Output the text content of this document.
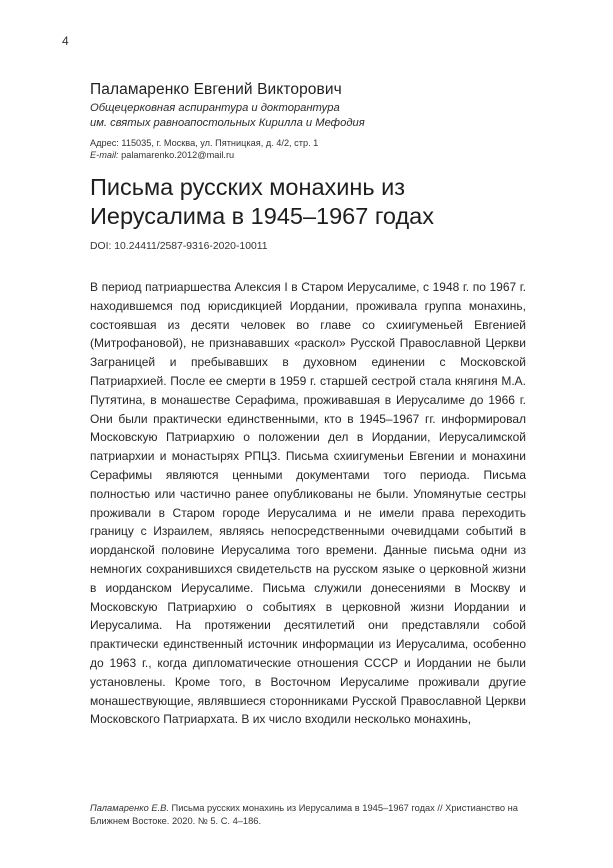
4
Паламаренко Евгений Викторович
Общецерковная аспирантура и докторантура
им. святых равноапостольных Кирилла и Мефодия
Адрес: 115035, г. Москва, ул. Пятницкая, д. 4/2, стр. 1
E-mail: palamarenko.2012@mail.ru
Письма русских монахинь из Иерусалима в 1945–1967 годах
DOI: 10.24411/2587-9316-2020-10011

В период патриаршества Алексия I в Старом Иерусалиме, с 1948 г. по 1967 г. находившемся под юрисдикцией Иордании, проживала группа монахинь, состоявшая из десяти человек во главе со схиигуменьей Евгенией (Митрофановой), не признававших «раскол» Русской Православной Церкви Заграницей и пребывавших в духовном единении с Московской Патриархией. После ее смерти в 1959 г. старшей сестрой стала княгиня М.А. Путятина, в монашестве Серафима, проживавшая в Иерусалиме до 1966 г. Они были практически единственными, кто в 1945–1967 гг. информировал Московскую Патриархию о положении дел в Иордании, Иерусалимской патриархии и монастырях РПЦЗ. Письма схиигуменьи Евгении и монахини Серафимы являются ценными документами того периода. Письма полностью или частично ранее опубликованы не были. Упомянутые сестры проживали в Старом городе Иерусалима и не имели права переходить границу с Израилем, являясь непосредственными очевидцами событий в иорданской половине Иерусалима того времени. Данные письма одни из немногих сохранившихся свидетельств на русском языке о церковной жизни в иорданском Иерусалиме. Письма служили донесениями в Москву и Московскую Патриархию о событиях в церковной жизни Иордании и Иерусалима. На протяжении десятилетий они представляли собой практически единственный источник информации из Иерусалима, особенно до 1963 г., когда дипломатические отношения СССР и Иордании не были установлены. Кроме того, в Восточном Иерусалиме проживали другие монашествующие, являвшиеся сторонниками Русской Православной Церкви Московского Патриархата. В их число входили несколько монахинь,

Паламаренко Е.В. Письма русских монахинь из Иерусалима в 1945–1967 годах // Христианство на Ближнем Востоке. 2020. № 5. С. 4–186.
